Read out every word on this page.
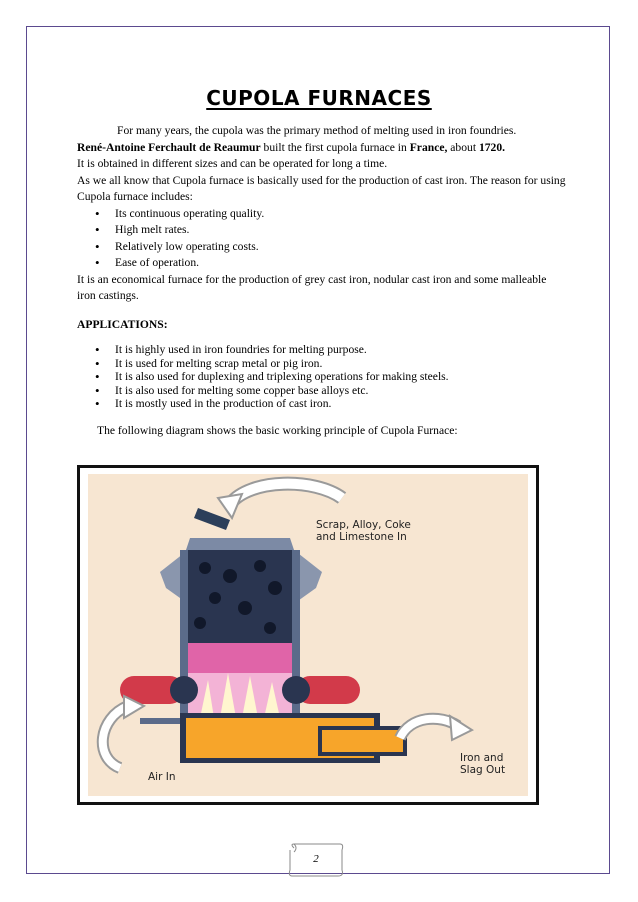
CUPOLA FURNACES

For many years, the cupola was the primary method of melting used in iron foundries.

René-Antoine Ferchault de Reaumur built the first cupola furnace in France, about 1720.

It is obtained in different sizes and can be operated for long a time.

As we all know that Cupola furnace is basically used for the production of cast iron. The reason for using Cupola furnace includes:

• Its continuous operating quality.
• High melt rates.
• Relatively low operating costs.
• Ease of operation.

It is an economical furnace for the production of grey cast iron, nodular cast iron and some malleable iron castings.

APPLICATIONS:

• It is highly used in iron foundries for melting purpose.
• It is used for melting scrap metal or pig iron.
• It is also used for duplexing and triplexing operations for making steels.
• It is also used for melting some copper base alloys etc.
• It is mostly used in the production of cast iron.

The following diagram shows the basic working principle of Cupola Furnace:

Scrap, Alloy, Coke
and Limestone In
Air In
Iron and
Slag Out
2
